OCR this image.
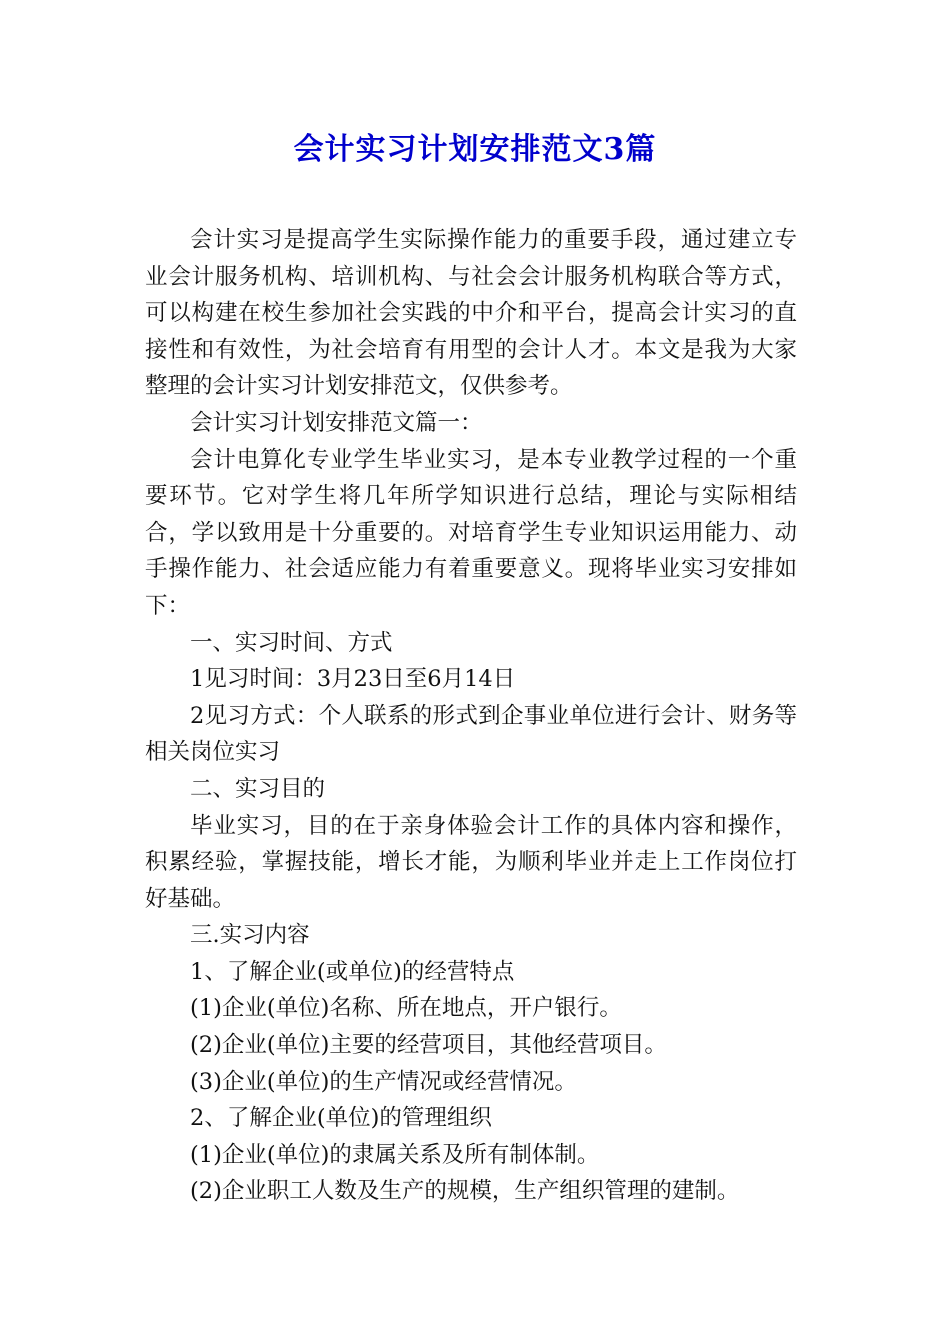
会计实习计划安排范文3篇

会计实习是提高学生实际操作能力的重要手段，通过建立专业会计服务机构、培训机构、与社会会计服务机构联合等方式，可以构建在校生参加社会实践的中介和平台，提高会计实习的直接性和有效性，为社会培育有用型的会计人才。本文是我为大家整理的会计实习计划安排范文，仅供参考。

会计实习计划安排范文篇一：

会计电算化专业学生毕业实习，是本专业教学过程的一个重要环节。它对学生将几年所学知识进行总结，理论与实际相结合，学以致用是十分重要的。对培育学生专业知识运用能力、动手操作能力、社会适应能力有着重要意义。现将毕业实习安排如下：

一、实习时间、方式

1见习时间：3月23日至6月14日

2见习方式：个人联系的形式到企事业单位进行会计、财务等相关岗位实习

二、实习目的

毕业实习，目的在于亲身体验会计工作的具体内容和操作，积累经验，掌握技能，增长才能，为顺利毕业并走上工作岗位打好基础。

三.实习内容

1、了解企业(或单位)的经营特点

(1)企业(单位)名称、所在地点，开户银行。

(2)企业(单位)主要的经营项目，其他经营项目。

(3)企业(单位)的生产情况或经营情况。

2、了解企业(单位)的管理组织

(1)企业(单位)的隶属关系及所有制体制。

(2)企业职工人数及生产的规模，生产组织管理的建制。
